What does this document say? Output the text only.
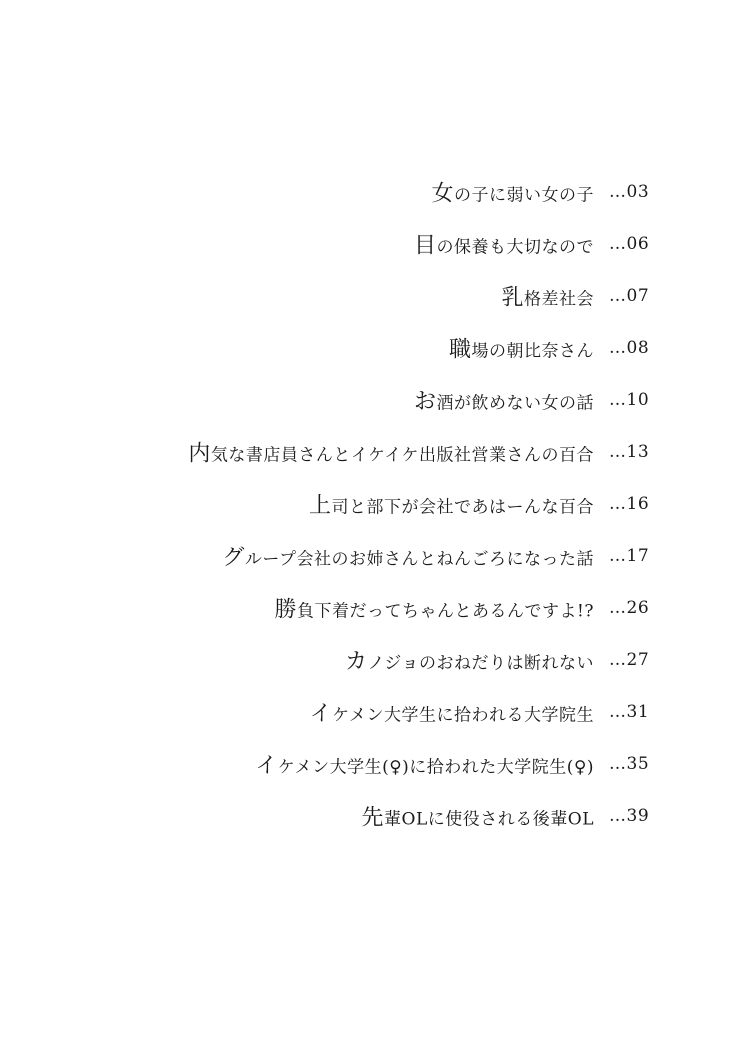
女の子に弱い女の子 …03
目の保養も大切なので …06
乳格差社会 …07
職場の朝比奈さん …08
お酒が飲めない女の話 …10
内気な書店員さんとイケイケ出版社営業さんの百合 …13
上司と部下が会社であはーんな百合 …16
グループ会社のお姉さんとねんごろになった話 …17
勝負下着だってちゃんとあるんですよ!? …26
カノジョのおねだりは断れない …27
イケメン大学生に拾われる大学院生 …31
イケメン大学生(♀)に拾われた大学院生(♀) …35
先輩OLに使役される後輩OL …39
